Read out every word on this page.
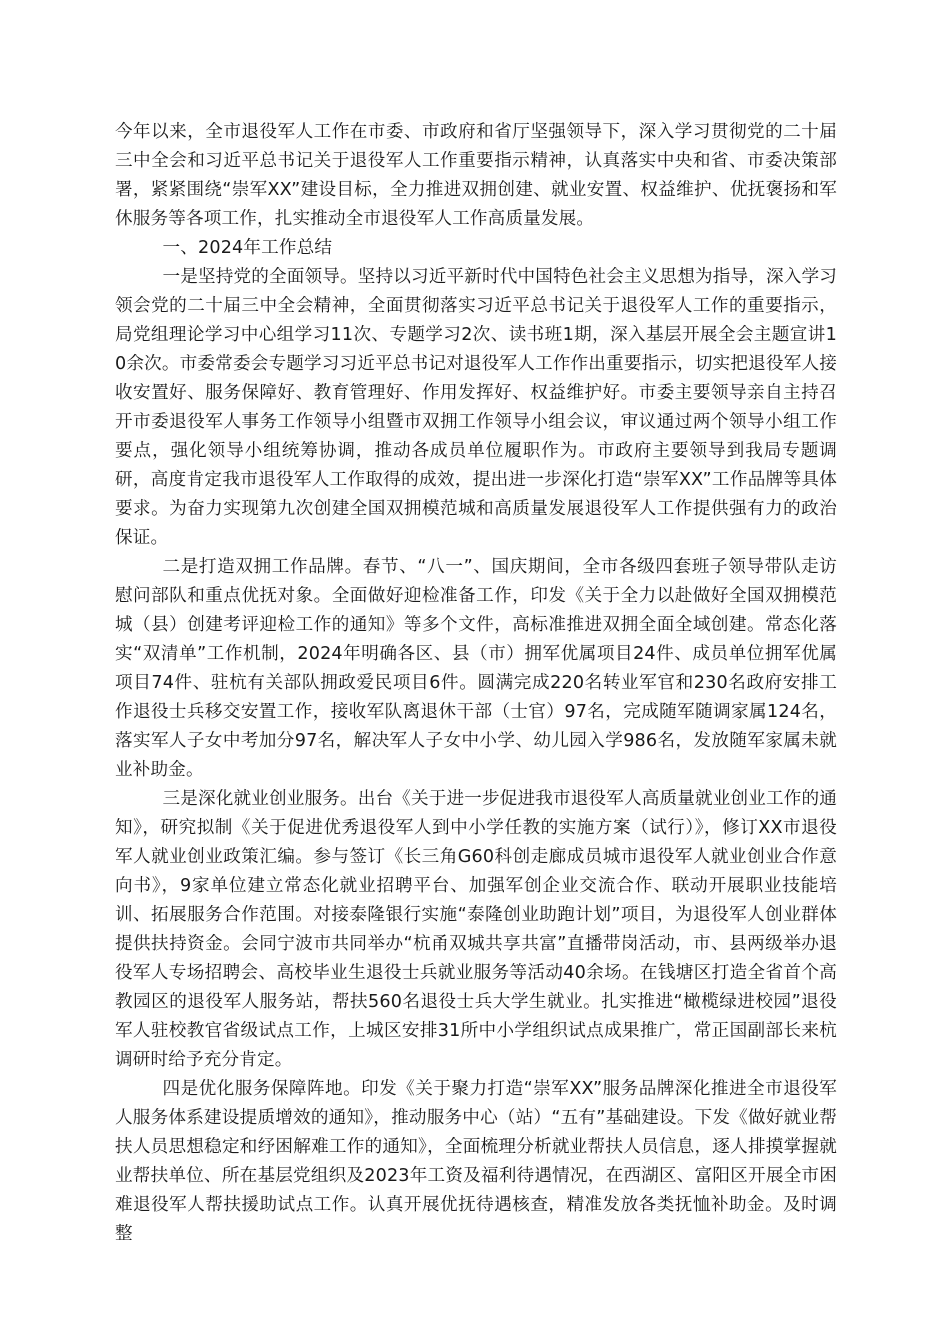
今年以来，全市退役军人工作在市委、市政府和省厅坚强领导下，深入学习贯彻党的二十届三中全会和习近平总书记关于退役军人工作重要指示精神，认真落实中央和省、市委决策部署，紧紧围绕“崇军XX”建设目标，全力推进双拥创建、就业安置、权益维护、优抚褒扬和军休服务等各项工作，扎实推动全市退役军人工作高质量发展。

一、2024年工作总结

一是坚持党的全面领导。坚持以习近平新时代中国特色社会主义思想为指导，深入学习领会党的二十届三中全会精神，全面贯彻落实习近平总书记关于退役军人工作的重要指示，局党组理论学习中心组学习11次、专题学习2次、读书班1期，深入基层开展全会主题宣讲10余次。市委常委会专题学习习近平总书记对退役军人工作作出重要指示，切实把退役军人接收安置好、服务保障好、教育管理好、作用发挥好、权益维护好。市委主要领导亲自主持召开市委退役军人事务工作领导小组暨市双拥工作领导小组会议，审议通过两个领导小组工作要点，强化领导小组统筹协调，推动各成员单位履职作为。市政府主要领导到我局专题调研，高度肯定我市退役军人工作取得的成效，提出进一步深化打造“崇军XX”工作品牌等具体要求。为奋力实现第九次创建全国双拥模范城和高质量发展退役军人工作提供强有力的政治保证。

二是打造双拥工作品牌。春节、“八一”、国庆期间，全市各级四套班子领导带队走访慰问部队和重点优抚对象。全面做好迎检准备工作，印发《关于全力以赴做好全国双拥模范城（县）创建考评迎检工作的通知》等多个文件，高标准推进双拥全面全域创建。常态化落实“双清单”工作机制，2024年明确各区、县（市）拥军优属项目24件、成员单位拥军优属项目74件、驻杭有关部队拥政爱民项目6件。圆满完成220名转业军官和230名政府安排工作退役士兵移交安置工作，接收军队离退休干部（士官）97名，完成随军随调家属124名，落实军人子女中考加分97名，解决军人子女中小学、幼儿园入学986名，发放随军家属未就业补助金。

三是深化就业创业服务。出台《关于进一步促进我市退役军人高质量就业创业工作的通知》，研究拟制《关于促进优秀退役军人到中小学任教的实施方案（试行）》，修订XX市退役军人就业创业政策汇编。参与签订《长三角G60科创走廊成员城市退役军人就业创业合作意向书》，9家单位建立常态化就业招聘平台、加强军创企业交流合作、联动开展职业技能培训、拓展服务合作范围。对接泰隆银行实施“泰隆创业助跑计划”项目，为退役军人创业群体提供扶持资金。会同宁波市共同举办“杭甬双城共享共富”直播带岗活动，市、县两级举办退役军人专场招聘会、高校毕业生退役士兵就业服务等活动40余场。在钱塘区打造全省首个高教园区的退役军人服务站，帮扶560名退役士兵大学生就业。扎实推进“橄榄绿进校园”退役军人驻校教官省级试点工作，上城区安排31所中小学组织试点成果推广，常正国副部长来杭调研时给予充分肯定。

四是优化服务保障阵地。印发《关于聚力打造“崇军XX”服务品牌深化推进全市退役军人服务体系建设提质增效的通知》，推动服务中心（站）“五有”基础建设。下发《做好就业帮扶人员思想稳定和纾困解难工作的通知》，全面梳理分析就业帮扶人员信息，逐人排摸掌握就业帮扶单位、所在基层党组织及2023年工资及福利待遇情况，在西湖区、富阳区开展全市困难退役军人帮扶援助试点工作。认真开展优抚待遇核查，精准发放各类抚恤补助金。及时调整
